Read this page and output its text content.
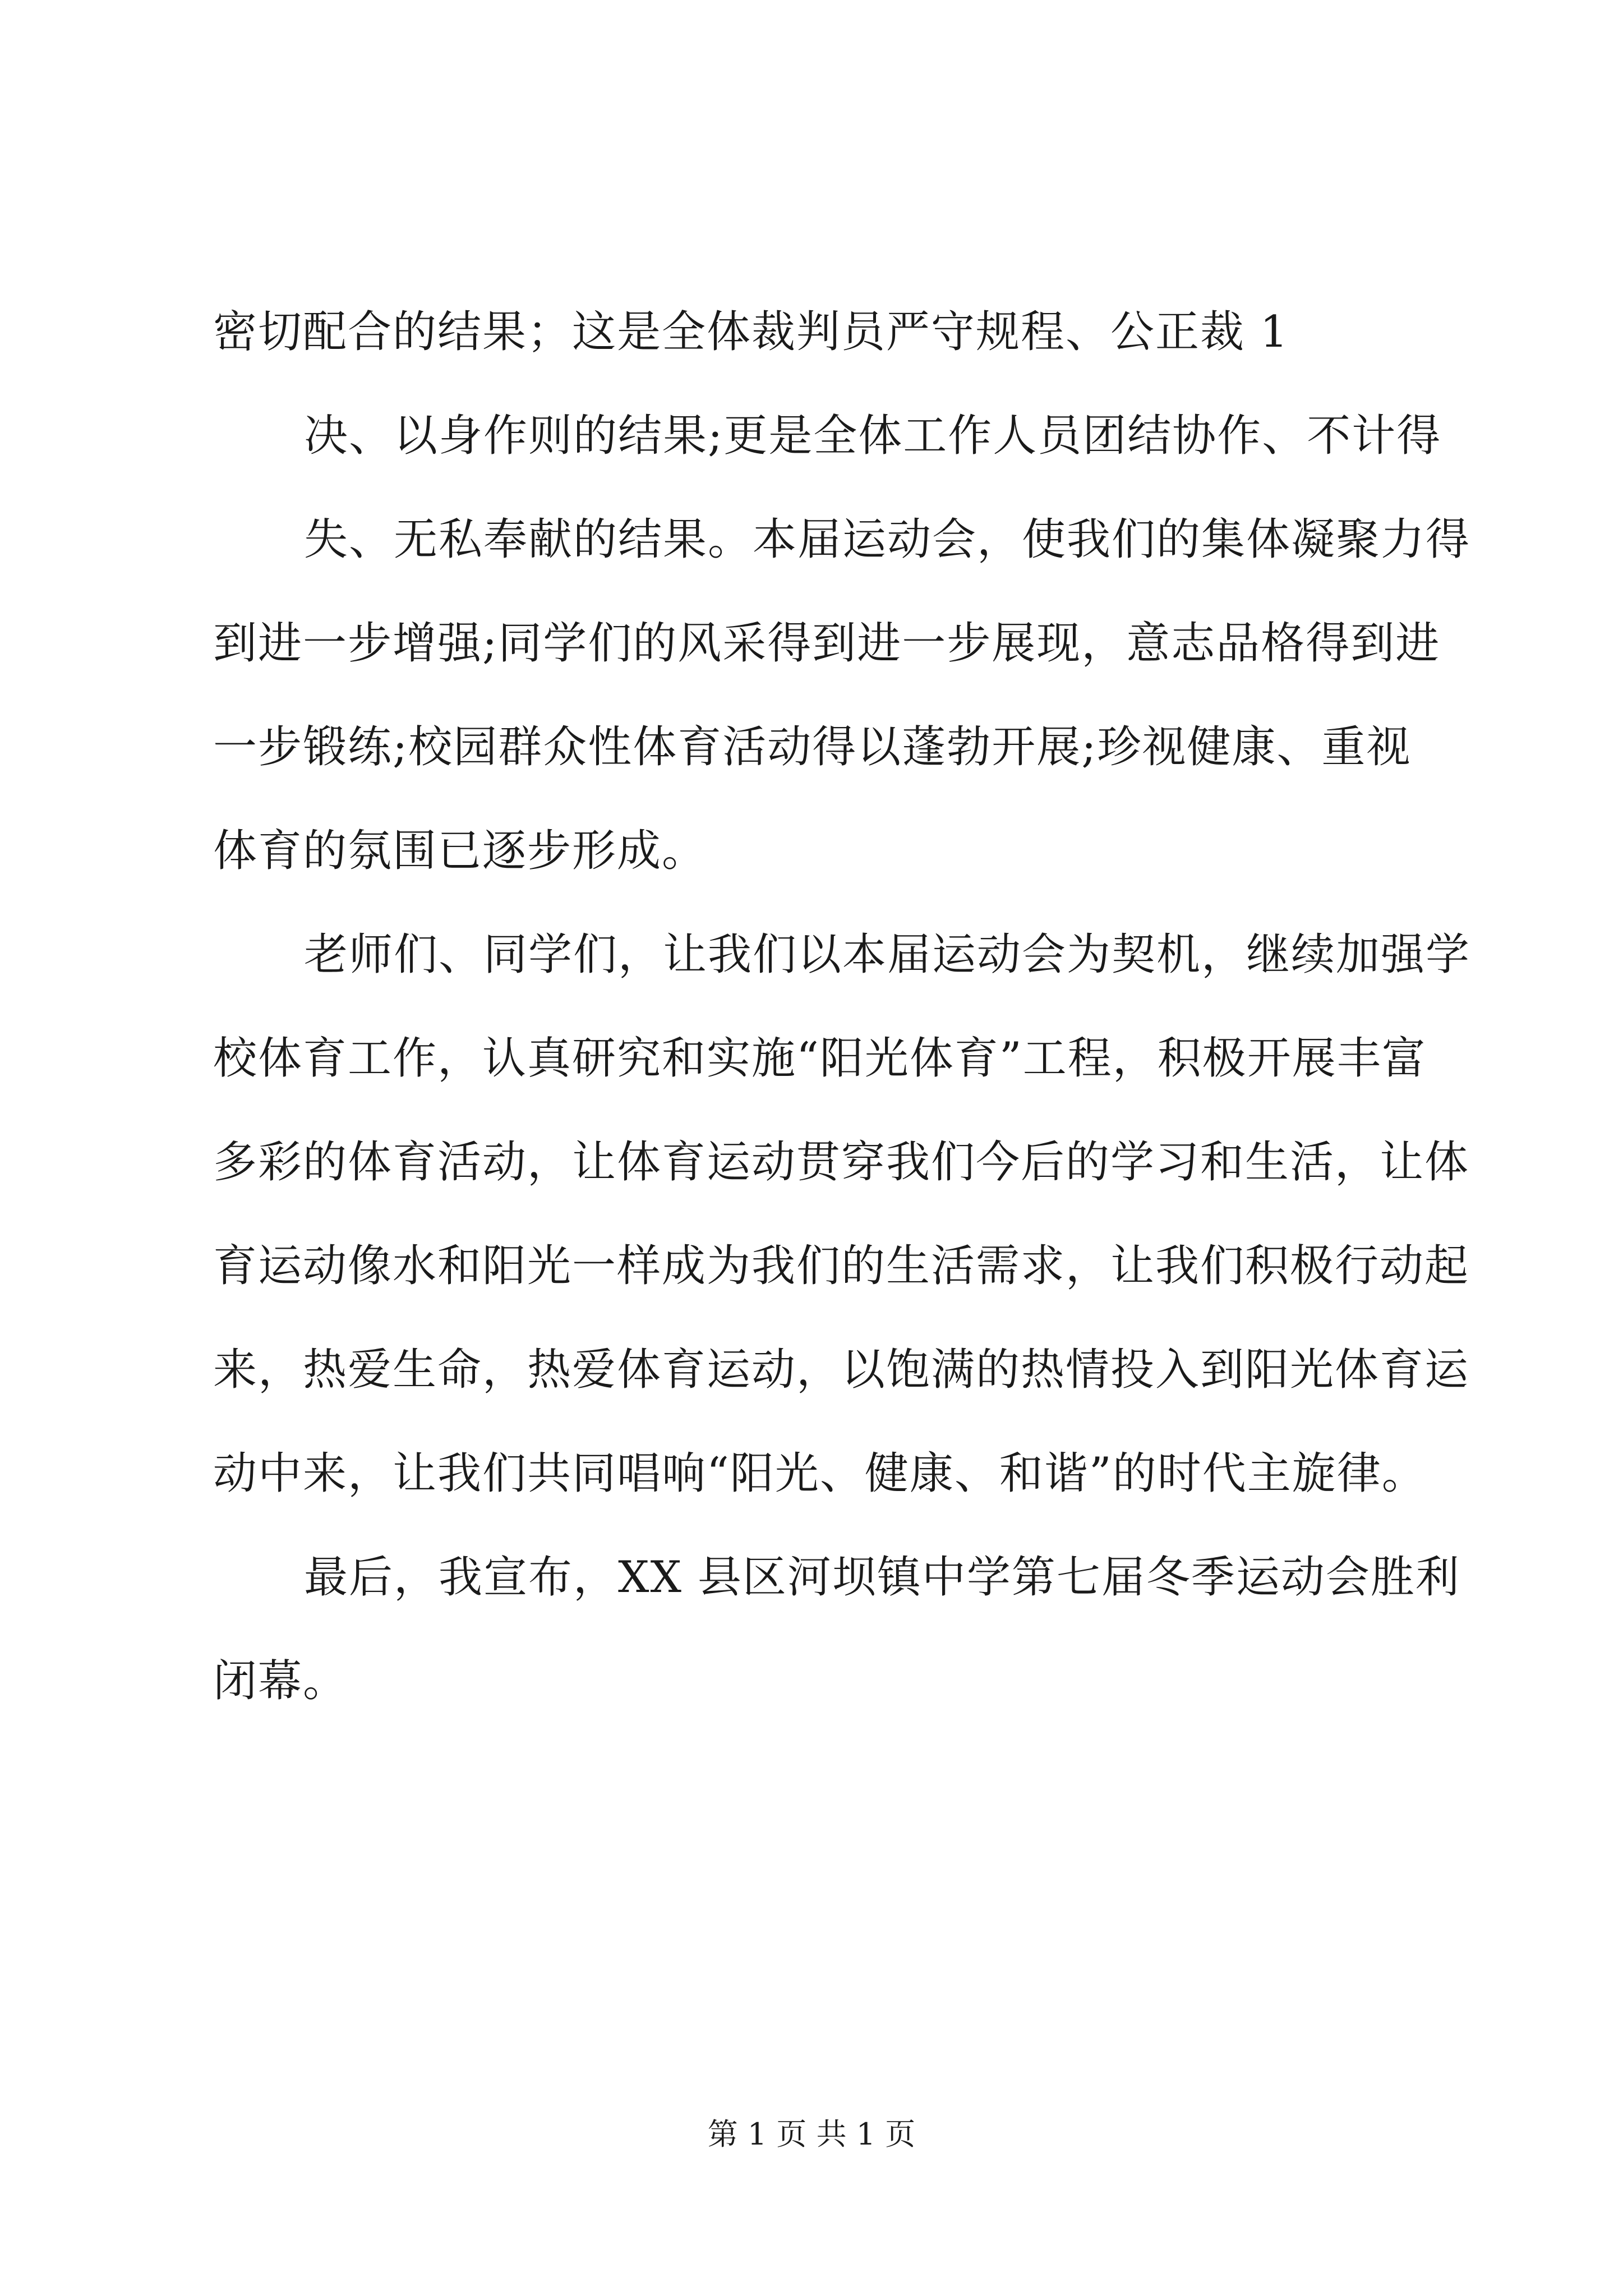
密切配合的结果；这是全体裁判员严守规程、公正裁 1
决、以身作则的结果;更是全体工作人员团结协作、不计得
失、无私奉献的结果。本届运动会，使我们的集体凝聚力得
到进一步增强;同学们的风采得到进一步展现，意志品格得到进
一步锻练;校园群众性体育活动得以蓬勃开展;珍视健康、重视
体育的氛围已逐步形成。
老师们、同学们，让我们以本届运动会为契机，继续加强学
校体育工作，认真研究和实施“阳光体育”工程，积极开展丰富
多彩的体育活动，让体育运动贯穿我们今后的学习和生活，让体
育运动像水和阳光一样成为我们的生活需求，让我们积极行动起
来，热爱生命，热爱体育运动，以饱满的热情投入到阳光体育运
动中来，让我们共同唱响“阳光、健康、和谐”的时代主旋律。
最后，我宣布，XX 县区河坝镇中学第七届冬季运动会胜利
闭幕。
第 1 页 共 1 页
